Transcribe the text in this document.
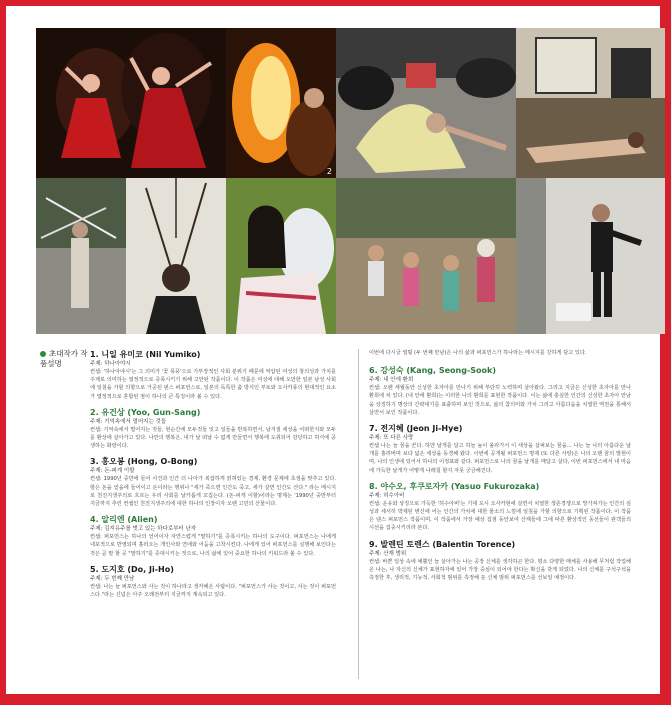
2
초대작가 작품설명
1. 니일 유미코 (Nil Yumiko)
주제: 하나아야시
컨셉: '하나아야시'는 그 의미가 '꽃 폭풍'으로 가부장적인 사회 분위기 때문에 억압된 여성의 창의성과 가치를 주제로 의미하는 열정적으로 증폭시키기 위해 고안된 작품이다. 이 작품은 여성에 대해 오만한 일본 남성 사회에 일침을 가할 의향으로 가공된 댄스 퍼포먼스로, 일본의 독특한 춤 방식인 부토와 오사카풍의 현대적인 요소가 열정적으로 혼합된 점이 하나의 큰 특징이라 볼 수 있다.
2. 유건상 (Yoo, Gun-Sang)
주제: 기억속에서 멀어지는 것들
컨셉: 기억속에서 멀어지는 것들, 현순간에 모두것들 잊고 일들을 반복하면서, 남겨질 세상을 어떠한지와 모두를 환상에 살아가고 있다. 나만의 행복은, 내가 날 떠날 수 없게 만들면서 행복에 도취되어 감당하고 허식에 공생하는 화랑이다.
3. 홍오봉 (Hong, O-Bong)
주제: 돈-퍼게 이할
컨셉: 1990년 중반에 들어 사건과 인간 더 나아가 복잡하게 얽혀있는 경제, 환경 문제에 초점을 맞추고 있다. 항은 돈을 얻을에 들어이고 돈이라는 행위나 "세가 죽으면 인간도 죽고, 세가 살면 인간도 산다." 라는 메시지로 천진지생주의로 흐르는 우리 사회를 날카롭게 꼬집는다. (돈-퍼게 이할)이라는 명제는 '1990년 중반부터 지금까지 추린 컨셉인 천진지생주의에 대한 하나의 인장이자 오랜 고민의 산물이다.
4. 알리엔 (Alien)
주제: 김지유주를 벗고 있는 하다로부터 난자
컨셉: 퍼포먼스는 하나의 언어이자 자연스럽게 "말하기"를 증폭시키는 하나의 도구이다. 퍼포먼스는 나에게 내포적으로 반영되며 흘러오는 개인사와 연애와 어둠을 고착시킨다. 나에게 있어 퍼포먼스를 실행해 보인다는 것은 곧 말 할 곳 "말하기"를 증대시키는 것으로, 나의 삶에 있어 중요한 하나의 키워드라 볼 수 있다.
5. 도지호 (Do, Ji-Ho)
주제: 두 번째 만남
컨셉: 나는 늘 퍼포먼스와 사는 것이 하나라고 생각해온 사람이다. "퍼포먼스가 사는 것이고, 사는 것이 퍼포먼스다."라는 신념은 아주 오래전부터 지금까지 계속되고 있다.
이번에 다시금 열릴 (두 번째 만남)은 나의 삶과 퍼포먼스가 하나라는 메시지를 강하게 담고 있다.
6. 강성숙 (Kang, Seong-Sook)
주제: 내 안에 환희
컨셉: 오랜 세월동안 신성한 초자아를 만나기 위해 부단히 노력하며 살아왔다. 그리고 지금은 신성한 초자아를 만나 환희에 차 있다. (내 안에 환희)는 이러한 나의 환희를 표현한 작품이다. 이는 삶에 충실한 인간의 신성한 초자아 만남을 상징하기 명상의 간략대기를 표출하며 보인 것으로, 삶의 참의미와 가치 그리고 아름다움을 치열한 역전을 통해서 살면서 보인 작품이다.
7. 전지혜 (Jeon Ji-Hye)
주제: 또 다른 사랑
컨셉 나는 늘 꿈을 꾼다. 하얀 날개를 달고 하늘 높이 올라가서 이 세상을 살펴보는 꿈을... 나는 늘 나의 아름다운 날개를 흘려버며 보다 넓은 세상을 동경해 왔다. 이번에 공개될 퍼포먼스 명제 (또 다른 사랑)은 나의 오랜 꿈의 발현이며, 나의 인생에 있어서 하나의 이정표와 같다. 퍼포먼스로 나의 꿈을 날개를 매달고 살다, 이번 퍼포먼스에서 내 마음에 가득한 날개가 어떻게 나래칠 할지 자못 궁금해진다.
8. 야수오, 후쿠로자카 (Yasuo Fukurozaka)
주제: 허수아비
컨셉: 운유와 상징으로 가득한 '허수아비'는 기대 도시 오사카현에 살면서 치열한 생존경쟁으로 망가져가는 인간의 심성과 세서히 박제된 변신에 어는 인간의 가치에 대한 물소의 느낌에 일침을 가할 의향으로 기획된 작품이다. 이 작품은 댄스 퍼포먼스 작품이며, 이 작품에서 가장 예상 집점 동안보여 산재들에 그에 따른 환상적인 동선들이 관객들의 시선을 집중시키리라 본다.
9. 발렌틴 토렌스 (Balentin Torence)
주제: 산재 범위
컨셉: 바쁜 일상 속에 예쁠인 늘 살아가는 나는 공장 신체를 생각하곤 한다. 평소 다양한 매체를 사용해 무처럼 작업해온 나는, 나 자신의 신체가 표현하자에 있어 가장 중심이 되어야 한다는 확신을 갖게 되었다. 나의 신체를 구석구석을 측정한 후, 생리적, 기능적, 사회적 범위를 측정해 둔 신체 범위 퍼포먼스를 선보일 예정이다.
